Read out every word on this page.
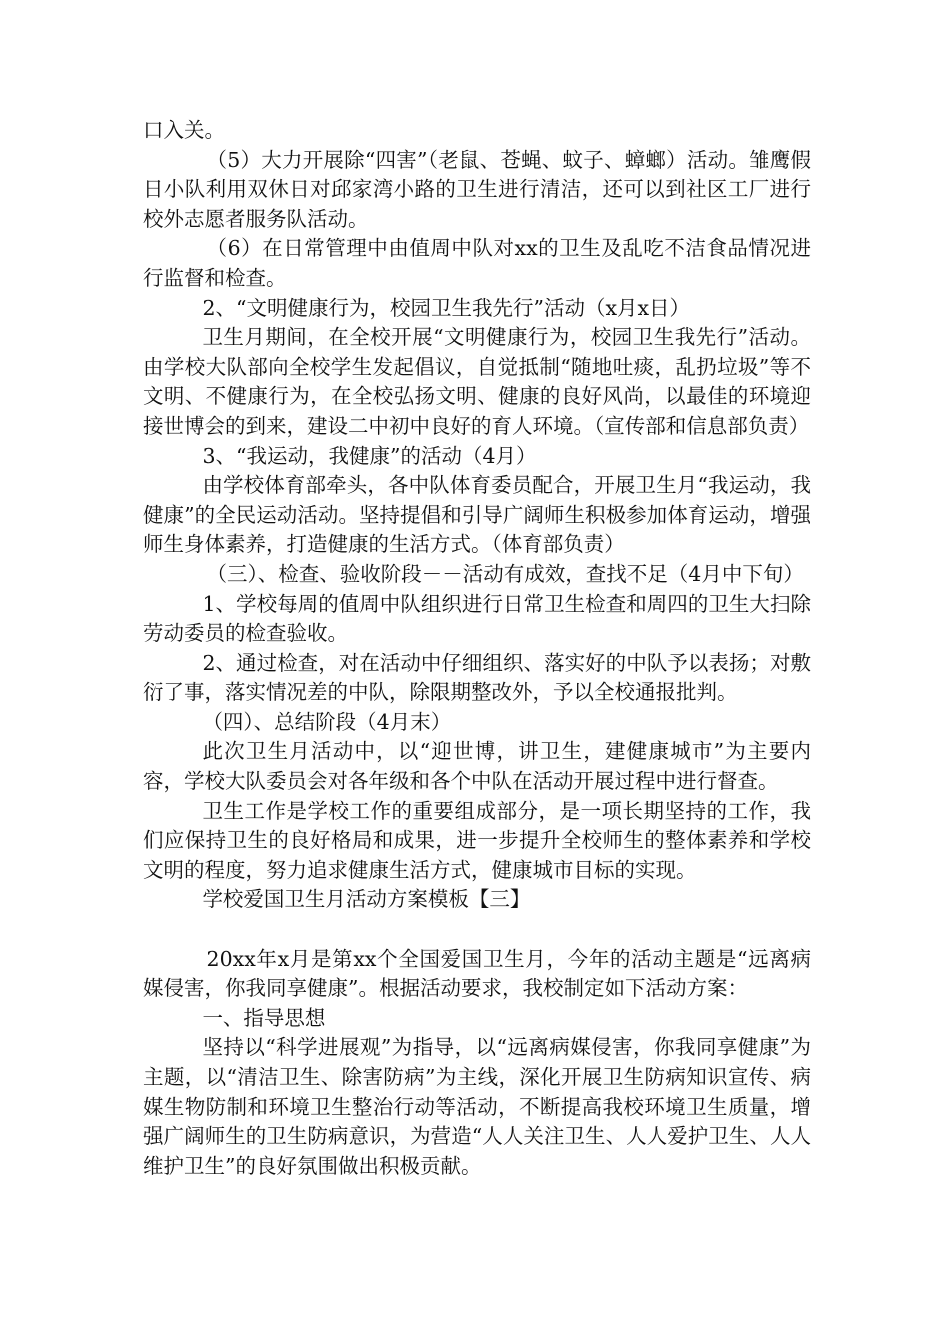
口入关。

（5）大力开展除“四害”（老鼠、苍蝇、蚊子、蟑螂）活动。雏鹰假日小队利用双休日对邱家湾小路的卫生进行清洁，还可以到社区工厂进行校外志愿者服务队活动。

（6）在日常管理中由值周中队对xx的卫生及乱吃不洁食品情况进行监督和检查。

2、“文明健康行为，校园卫生我先行”活动（x月x日）

卫生月期间，在全校开展“文明健康行为，校园卫生我先行”活动。由学校大队部向全校学生发起倡议，自觉抵制“随地吐痰，乱扔垃圾”等不文明、不健康行为，在全校弘扬文明、健康的良好风尚，以最佳的环境迎接世博会的到来，建设二中初中良好的育人环境。（宣传部和信息部负责）

3、“我运动，我健康”的活动（4月）

由学校体育部牵头，各中队体育委员配合，开展卫生月“我运动，我健康”的全民运动活动。坚持提倡和引导广阔师生积极参加体育运动，增强师生身体素养，打造健康的生活方式。（体育部负责）

（三）、检查、验收阶段－－活动有成效，查找不足（4月中下旬）

1、学校每周的值周中队组织进行日常卫生检查和周四的卫生大扫除劳动委员的检查验收。

2、通过检查，对在活动中仔细组织、落实好的中队予以表扬；对敷衍了事，落实情况差的中队，除限期整改外，予以全校通报批判。

（四）、总结阶段（4月末）

此次卫生月活动中，以“迎世博，讲卫生，建健康城市”为主要内容，学校大队委员会对各年级和各个中队在活动开展过程中进行督查。

卫生工作是学校工作的重要组成部分，是一项长期坚持的工作，我们应保持卫生的良好格局和成果，进一步提升全校师生的整体素养和学校文明的程度，努力追求健康生活方式，健康城市目标的实现。

学校爱国卫生月活动方案模板【三】

20xx年x月是第xx个全国爱国卫生月，今年的活动主题是“远离病媒侵害，你我同享健康”。根据活动要求，我校制定如下活动方案：

一、指导思想

坚持以“科学进展观”为指导，以“远离病媒侵害，你我同享健康”为主题，以“清洁卫生、除害防病”为主线，深化开展卫生防病知识宣传、病媒生物防制和环境卫生整治行动等活动，不断提高我校环境卫生质量，增强广阔师生的卫生防病意识，为营造“人人关注卫生、人人爱护卫生、人人维护卫生”的良好氛围做出积极贡献。
